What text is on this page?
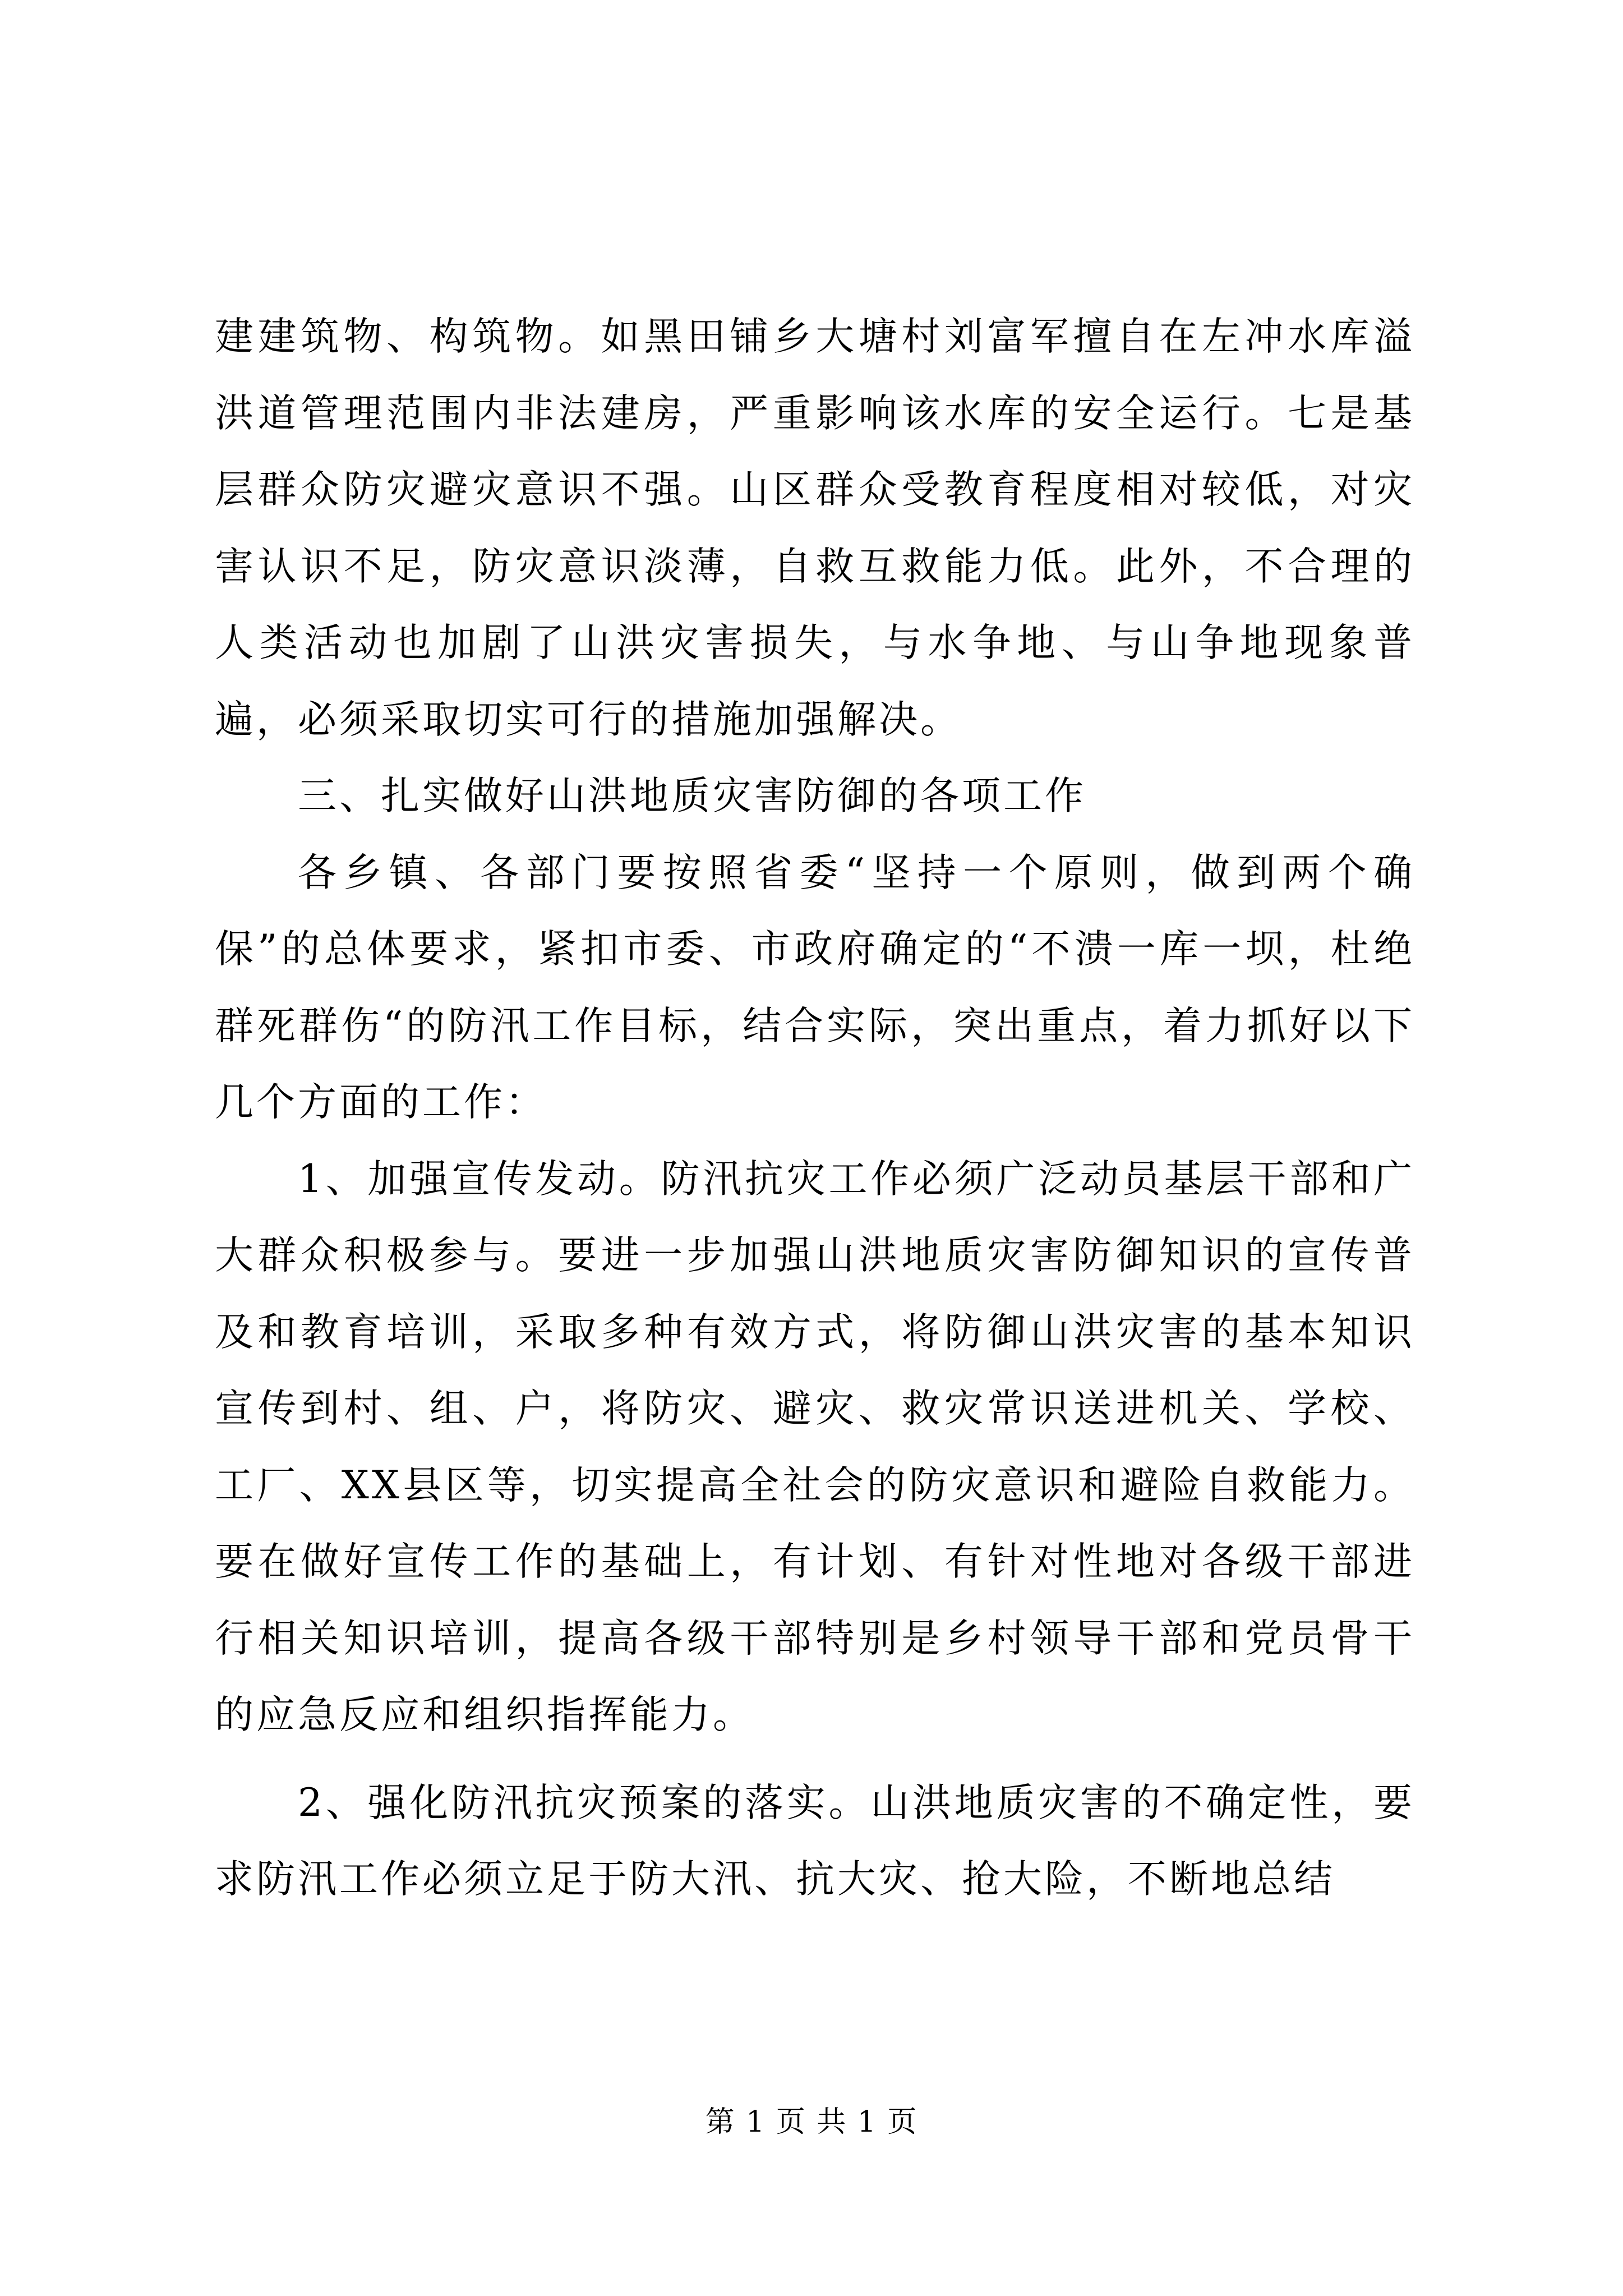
建建筑物、构筑物。如黑田铺乡大塘村刘富军擅自在左冲水库溢洪道管理范围内非法建房，严重影响该水库的安全运行。七是基层群众防灾避灾意识不强。山区群众受教育程度相对较低，对灾害认识不足，防灾意识淡薄，自救互救能力低。此外，不合理的人类活动也加剧了山洪灾害损失，与水争地、与山争地现象普遍，必须采取切实可行的措施加强解决。

三、扎实做好山洪地质灾害防御的各项工作

各乡镇、各部门要按照省委“坚持一个原则，做到两个确保”的总体要求，紧扣市委、市政府确定的“不溃一库一坝，杜绝群死群伤“的防汛工作目标，结合实际，突出重点，着力抓好以下几个方面的工作：

1、加强宣传发动。防汛抗灾工作必须广泛动员基层干部和广大群众积极参与。要进一步加强山洪地质灾害防御知识的宣传普及和教育培训，采取多种有效方式，将防御山洪灾害的基本知识宣传到村、组、户，将防灾、避灾、救灾常识送进机关、学校、工厂、XX县区等，切实提高全社会的防灾意识和避险自救能力。要在做好宣传工作的基础上，有计划、有针对性地对各级干部进行相关知识培训，提高各级干部特别是乡村领导干部和党员骨干的应急反应和组织指挥能力。

2、强化防汛抗灾预案的落实。山洪地质灾害的不确定性，要求防汛工作必须立足于防大汛、抗大灾、抢大险，不断地总结

第 1 页 共 1 页
